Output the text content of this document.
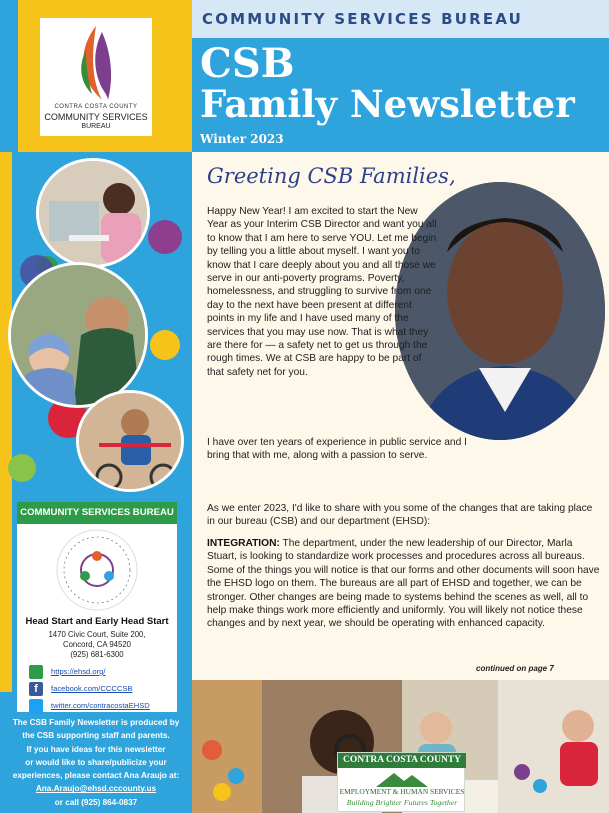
CONTRA COSTA COUNTY
COMMUNITY SERVICES
BUREAU
COMMUNITY SERVICES BUREAU
CSB
Family Newsletter
Winter 2023
COMMUNITY SERVICES BUREAU
Head Start and Early Head Start
1470 Civic Court, Suite 200,
Concord, CA 94520
(925) 681-6300
https://ehsd.org/
f	facebook.com/CCCCSB
twitter.com/contracostaEHSD
The CSB Family Newsletter is produced by
the CSB supporting staff and parents.
If you have ideas for this newsletter
or would like to share/publicize your
experiences, please contact Ana Araujo at:
Ana.Araujo@ehsd.cccounty.us
or call (925) 864-0837
Greeting CSB Families,
Happy New Year! I am excited to start the New Year as your Interim CSB Director and want you all to know that I am here to serve YOU. Let me begin by telling you a little about myself. I want you to know that I care deeply about you and all those we serve in our anti-poverty programs. Poverty, homelessness, and struggling to survive from one day to the next have been present at different points in my life and I have used many of the services that you may use now. That is what they are there for — a safety net to get us through the rough times. We at CSB are happy to be part of that safety net for you.
I have over ten years of experience in public service and I bring that with me, along with a passion to serve.
As we enter 2023, I'd like to share with you some of the changes that are taking place in our bureau (CSB) and our department (EHSD):
INTEGRATION: The department, under the new leadership of our Director, Marla Stuart, is looking to standardize work processes and procedures across all bureaus. Some of the things you will notice is that our forms and other documents will soon have the EHSD logo on them. The bureaus are all part of EHSD and together, we can be stronger. Other changes are being made to systems behind the scenes as well, all to help make things work more efficiently and uniformly. You will likely not notice these changes and by next year, we should be operating with enhanced capacity.
continued on page 7
CONTRA COSTA COUNTY
EMPLOYMENT & HUMAN SERVICES
Building Brighter Futures Together
